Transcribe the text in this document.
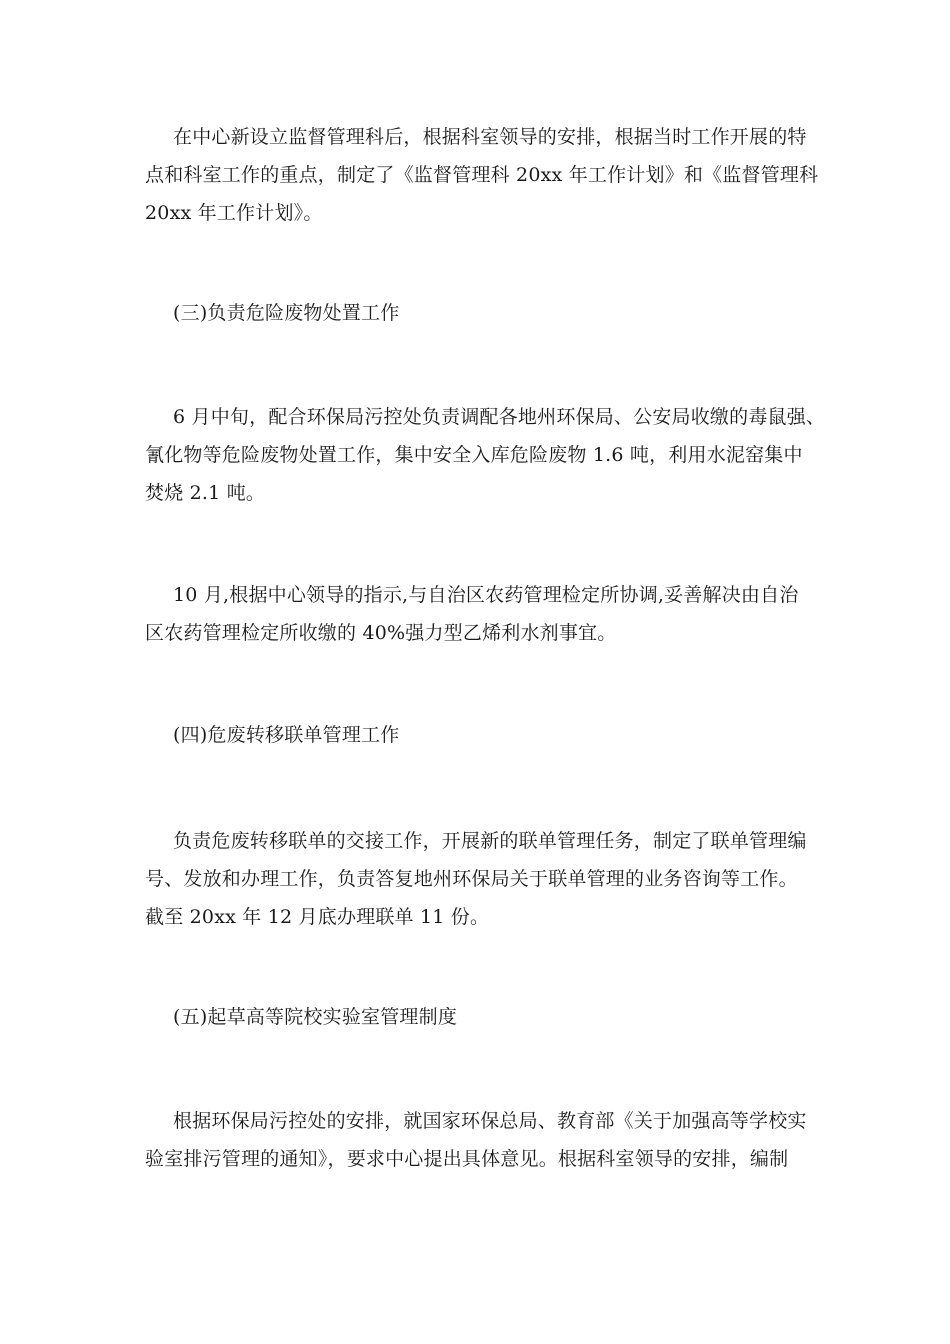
在中心新设立监督管理科后，根据科室领导的安排，根据当时工作开展的特
点和科室工作的重点，制定了《监督管理科 20xx 年工作计划》和《监督管理科
20xx 年工作计划》。
(三)负责危险废物处置工作
6 月中旬，配合环保局污控处负责调配各地州环保局、公安局收缴的毒鼠强、
氰化物等危险废物处置工作，集中安全入库危险废物 1.6 吨，利用水泥窑集中
焚烧 2.1 吨。
10 月,根据中心领导的指示,与自治区农药管理检定所协调,妥善解决由自治
区农药管理检定所收缴的 40%强力型乙烯利水剂事宜。
(四)危废转移联单管理工作
负责危废转移联单的交接工作，开展新的联单管理任务，制定了联单管理编
号、发放和办理工作，负责答复地州环保局关于联单管理的业务咨询等工作。
截至 20xx 年 12 月底办理联单 11 份。
(五)起草高等院校实验室管理制度
根据环保局污控处的安排，就国家环保总局、教育部《关于加强高等学校实
验室排污管理的通知》，要求中心提出具体意见。根据科室领导的安排，编制
